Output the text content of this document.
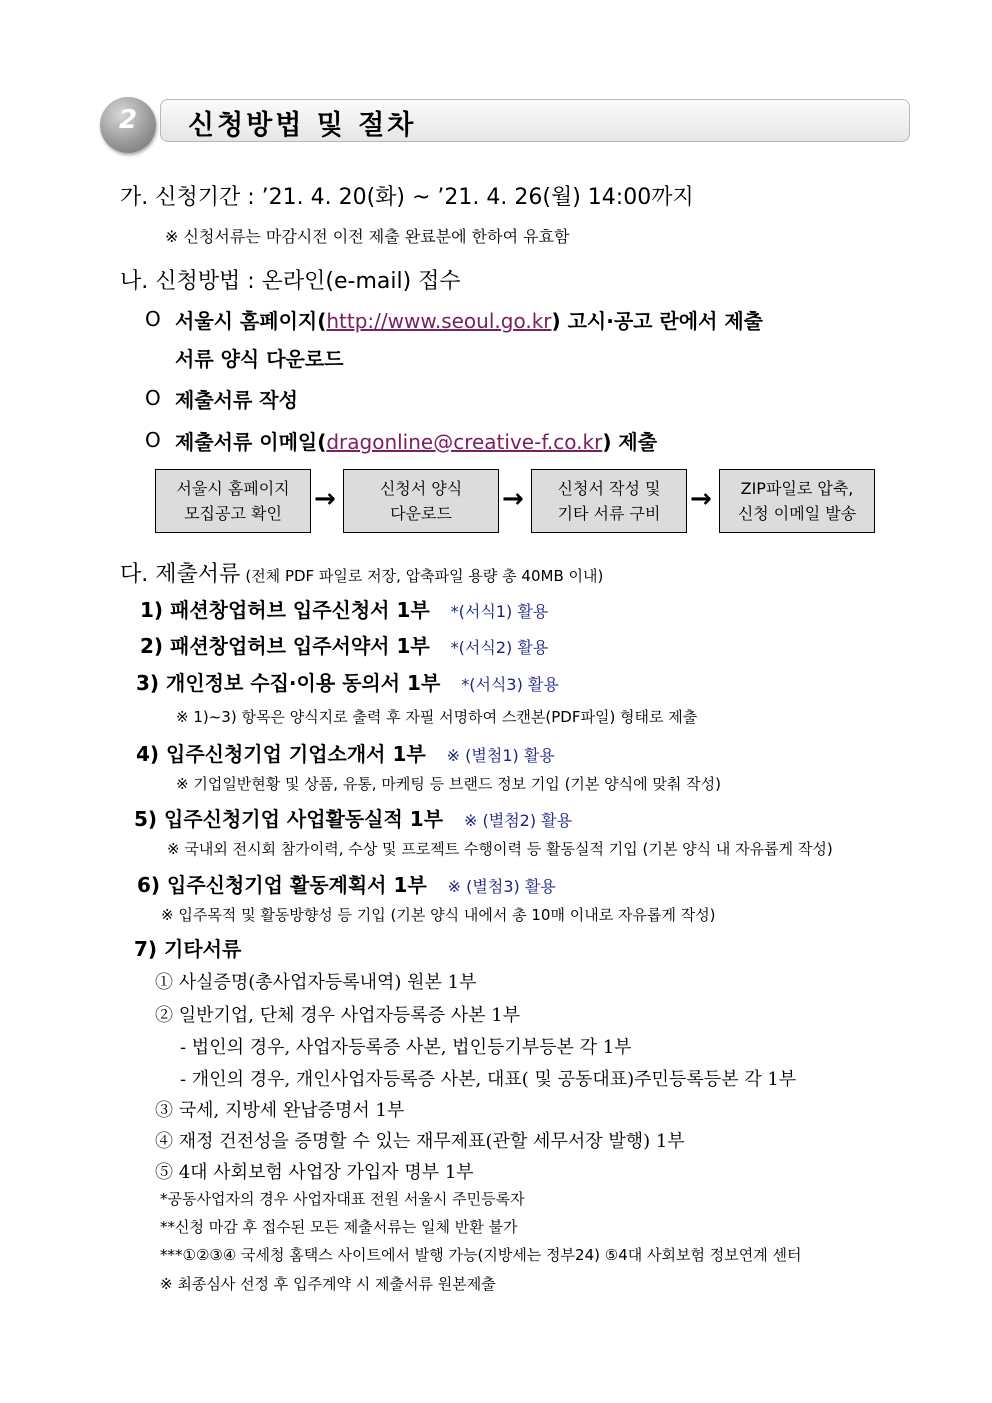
2	신청방법 및 절차
가. 신청기간 : ’21. 4. 20(화) ~ ’21. 4. 26(월) 14:00까지
※ 신청서류는 마감시전 이전 제출 완료분에 한하여 유효함
나. 신청방법 : 온라인(e-mail) 접수
O 서울시 홈페이지(http://www.seoul.go.kr) 고시·공고 란에서 제출
서류 양식 다운로드
O 제출서류 작성
O 제출서류 이메일(dragonline@creative-f.co.kr) 제출
서울시 홈페이지
모집공고 확인	→	신청서 양식
다운로드	→	신청서 작성 및
기타 서류 구비	→	ZIP파일로 압축,
신청 이메일 발송
다. 제출서류 (전체 PDF 파일로 저장, 압축파일 용량 총 40MB 이내)
1) 패션창업허브 입주신청서 1부 *(서식1) 활용
2) 패션창업허브 입주서약서 1부 *(서식2) 활용
3) 개인정보 수집·이용 동의서 1부 *(서식3) 활용
※ 1)~3) 항목은 양식지로 출력 후 자필 서명하여 스캔본(PDF파일) 형태로 제출
4) 입주신청기업 기업소개서 1부 ※ (별첨1) 활용
※ 기업일반현황 및 상품, 유통, 마케팅 등 브랜드 정보 기입 (기본 양식에 맞춰 작성)
5) 입주신청기업 사업활동실적 1부 ※ (별첨2) 활용
※ 국내외 전시회 참가이력, 수상 및 프로젝트 수행이력 등 활동실적 기입 (기본 양식 내 자유롭게 작성)
6) 입주신청기업 활동계획서 1부 ※ (별첨3) 활용
※ 입주목적 및 활동방향성 등 기입 (기본 양식 내에서 총 10매 이내로 자유롭게 작성)
7) 기타서류
① 사실증명(총사업자등록내역) 원본 1부
② 일반기업, 단체 경우 사업자등록증 사본 1부
- 법인의 경우, 사업자등록증 사본, 법인등기부등본 각 1부
- 개인의 경우, 개인사업자등록증 사본, 대표( 및 공동대표)주민등록등본 각 1부
③ 국세, 지방세 완납증명서 1부
④ 재정 건전성을 증명할 수 있는 재무제표(관할 세무서장 발행) 1부
⑤ 4대 사회보험 사업장 가입자 명부 1부
*공동사업자의 경우 사업자대표 전원 서울시 주민등록자
**신청 마감 후 접수된 모든 제출서류는 일체 반환 불가
***①②③④ 국세청 홈택스 사이트에서 발행 가능(지방세는 정부24) ⑤4대 사회보험 정보연계 센터
※ 최종심사 선정 후 입주계약 시 제출서류 원본제출
